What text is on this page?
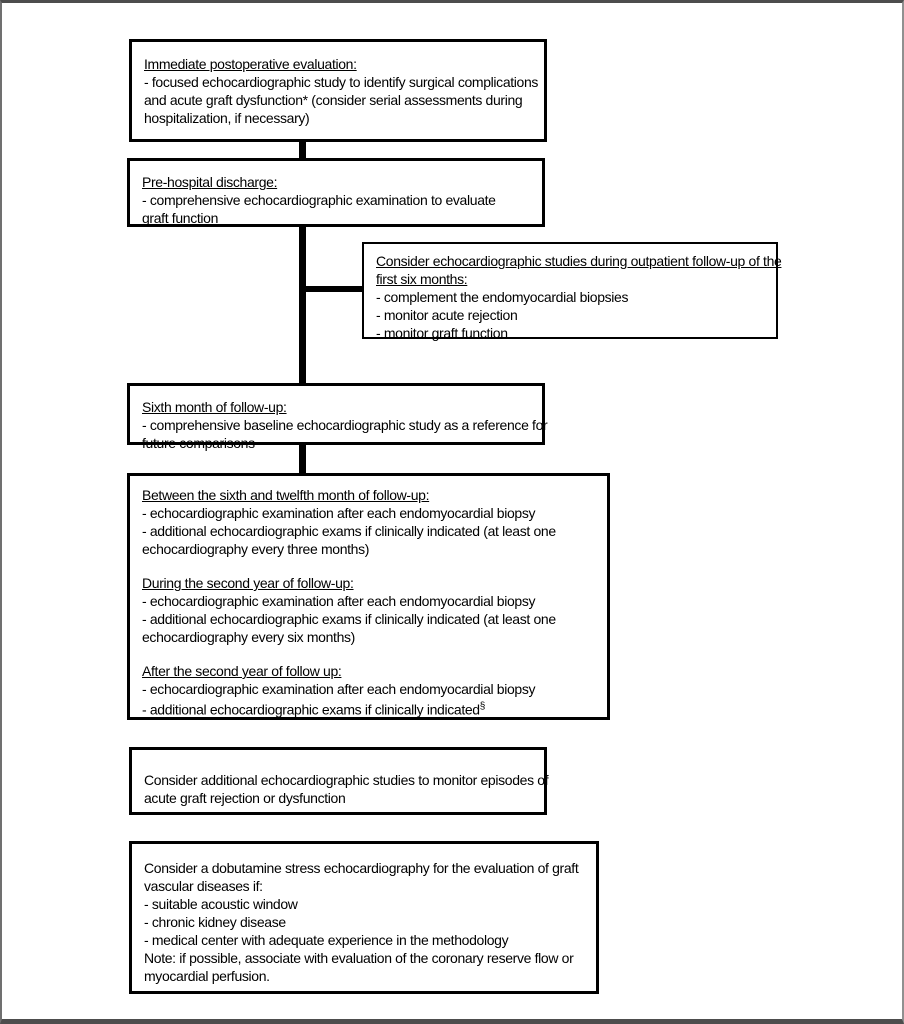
Immediate postoperative evaluation:
- focused echocardiographic study to identify surgical complications
and acute graft dysfunction* (consider serial assessments during
hospitalization, if necessary)
Pre-hospital discharge:
- comprehensive echocardiographic examination to evaluate
graft function
Consider echocardiographic studies during outpatient follow-up of the
first six months:
- complement the endomyocardial biopsies
- monitor acute rejection
- monitor graft function
Sixth month of follow-up:
- comprehensive baseline echocardiographic study as a reference for
future comparisons
Between the sixth and twelfth month of follow-up:
- echocardiographic examination after each endomyocardial biopsy
- additional echocardiographic exams if clinically indicated (at least one
echocardiography every three months)
During the second year of follow-up:
- echocardiographic examination after each endomyocardial biopsy
- additional echocardiographic exams if clinically indicated (at least one
echocardiography every six months)
After the second year of follow up:
- echocardiographic examination after each endomyocardial biopsy
- additional echocardiographic exams if clinically indicated§
Consider additional echocardiographic studies to monitor episodes of
acute graft rejection or dysfunction
Consider a dobutamine stress echocardiography for the evaluation of graft
vascular diseases if:
- suitable acoustic window
- chronic kidney disease
- medical center with adequate experience in the methodology
Note: if possible, associate with evaluation of the coronary reserve flow or
myocardial perfusion.
